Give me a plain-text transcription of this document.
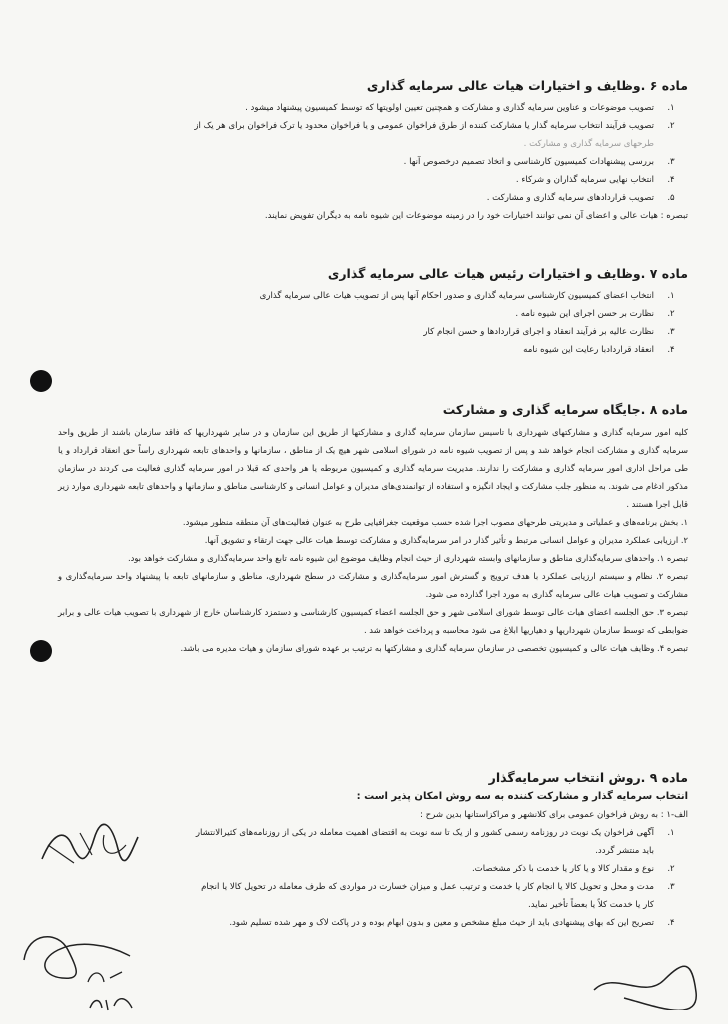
ماده ۶ .وظایف و اختیارات هیات عالی سرمایه گذاری
۱.
تصویب موضوعات و عناوین سرمایه گذاری و مشارکت و همچنین تعیین اولویتها که توسط کمیسیون پیشنهاد میشود .
۲.
تصویب فرآیند انتخاب سرمایه گذار یا مشارکت کننده از طرق فراخوان عمومی و یا فراخوان محدود یا ترک فراخوان برای هر یک از
طرحهای سرمایه گذاری و مشارکت .
۳.
بررسی پیشنهادات کمیسیون کارشناسی و اتخاذ تصمیم درخصوص آنها .
۴.
انتخاب نهایی سرمایه گذاران و شرکاء .
۵.
تصویب قراردادهای سرمایه گذاری و مشارکت .
تبصره : هیات عالی و اعضای آن نمی توانند اختیارات خود را در زمینه موضوعات این شیوه نامه به دیگران تفویض نمایند.
ماده ۷ .وظایف و اختیارات رئیس هیات عالی سرمایه گذاری
۱.
انتخاب اعضای کمیسیون کارشناسی سرمایه گذاری و صدور احکام آنها پس از تصویب هیات عالی سرمایه گذاری
۲.
نظارت بر حسن اجرای این شیوه نامه .
۳.
نظارت عالیه بر فرآیند انعقاد و اجرای قراردادها و حسن انجام کار
۴.
انعقاد قراردادبا رعایت این شیوه نامه
ماده ۸ .جایگاه سرمایه گذاری و مشارکت
کلیه امور سرمایه گذاری و مشارکتهای شهرداری با تاسیس سازمان سرمایه گذاری و مشارکتها از طریق این سازمان و در سایر شهرداریها که فاقد سازمان باشند از طریق واحد سرمایه گذاری و مشارکت انجام خواهد شد و پس از تصویب شیوه نامه در شورای اسلامی شهر هیچ یک از مناطق ، سازمانها و واحدهای تابعه شهرداری راساً حق انعقاد قرارداد و یا طی مراحل اداری امور سرمایه گذاری و مشارکت را ندارند. مدیریت سرمایه گذاری و کمیسیون مربوطه یا هر واحدی که قبلا در امور سرمایه گذاری فعالیت می کردند در سازمان مذکور ادغام می شوند. به منظور جلب مشارکت و ایجاد انگیزه و استفاده از توانمندی‌های مدیران و عوامل انسانی و کارشناسی مناطق و سازمانها و واحدهای تابعه شهرداری موارد زیر قابل اجرا هستند .
۱. بخش برنامه‌های و عملیاتی و مدیریتی طرحهای مصوب اجرا شده حسب موقعیت جغرافیایی طرح به عنوان فعالیت‌های آن منطقه منظور میشود.
۲. ارزیابی عملکرد مدیران و عوامل انسانی مرتبط و تأثیر گذار در امر سرمایه‌گذاری و مشارکت توسط هیات عالی جهت ارتقاء و تشویق آنها.
تبصره ۱. واحدهای سرمایه‌گذاری مناطق و سازمانهای وابسته شهرداری از حیث انجام وظایف موضوع این شیوه نامه تابع واحد سرمایه‌گذاری و مشارکت خواهد بود.
تبصره ۲. نظام و سیستم ارزیابی عملکرد با هدف ترویج و گسترش امور سرمایه‌گذاری و مشارکت در سطح شهرداری، مناطق و سازمانهای تابعه با پیشنهاد واحد سرمایه‌گذاری و مشارکت و تصویب هیات عالی سرمایه گذاری به مورد اجرا گذارده می شود.
تبصره ۳. حق الجلسه اعضای هیات عالی توسط شورای اسلامی شهر و حق الجلسه اعضاء کمیسیون کارشناسی و دستمزد کارشناسان خارج از شهرداری با تصویب هیات عالی و برابر ضوابطی که توسط سازمان شهرداریها و دهیاریها ابلاغ می شود محاسبه و پرداخت خواهد شد .
تبصره ۴. وظایف هیات عالی و کمیسیون تخصصی در سازمان سرمایه گذاری و مشارکتها به ترتیب بر عهده شورای سازمان و هیات مدیره می باشد.
ماده ۹ .روش انتخاب سرمایه‌گذار
انتخاب سرمایه گذار و مشارکت کننده به سه روش امکان پذیر است :
الف-۱ : به روش فراخوان عمومی برای کلانشهر و مراکزاستانها بدین شرح :
۱.
آگهی فراخوان یک نوبت در روزنامه رسمی کشور و از یک تا سه نوبت به اقتضای اهمیت معامله در یکی از روزنامه‌های کثیرالانتشار
باید منتشر گردد.
۲.
نوع و مقدار کالا و یا کار یا خدمت با ذکر مشخصات.
۳.
مدت و محل و تحویل کالا یا انجام کار یا خدمت و ترتیب عمل و میزان خسارت در مواردی که طرف معامله در تحویل کالا یا انجام
کار یا خدمت کلاً یا بعضاً تأخیر نماید.
۴.
تصریح این که بهای پیشنهادی باید از حیث مبلغ مشخص و معین و بدون ابهام بوده و در پاکت لاک و مهر شده تسلیم شود.
